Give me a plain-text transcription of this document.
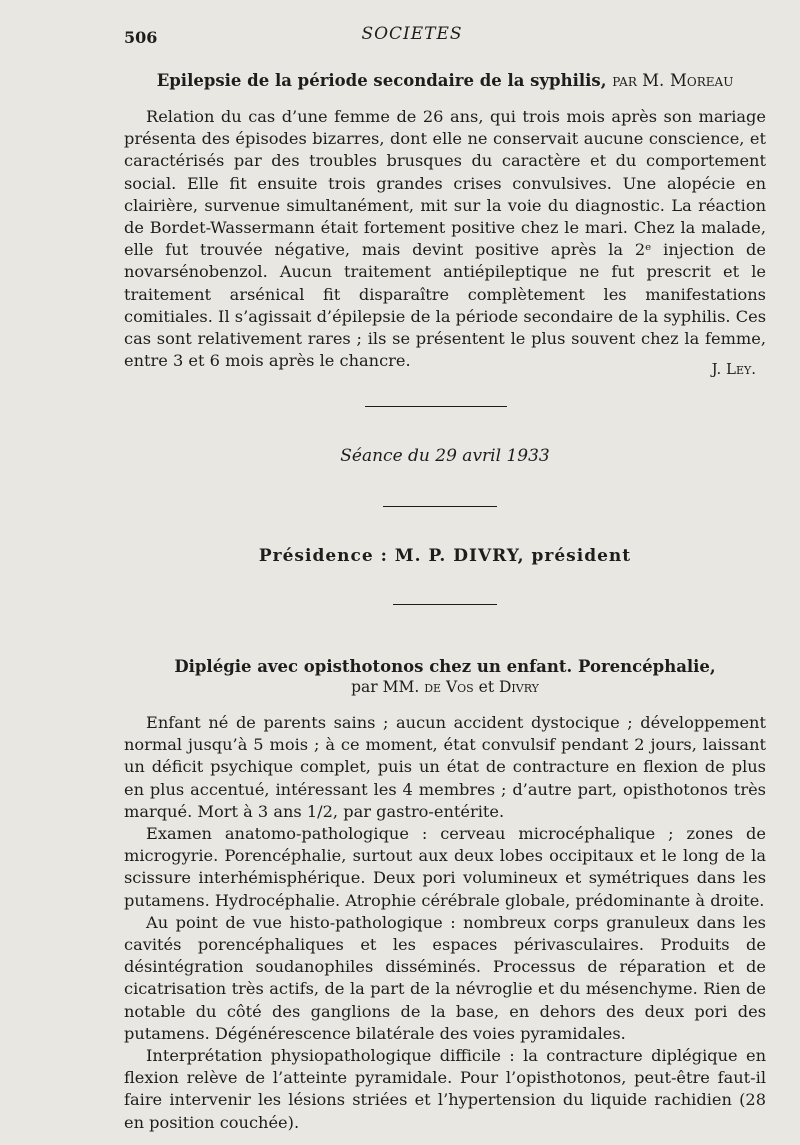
506	SOCIETES
Epilepsie de la période secondaire de la syphilis, par M. Moreau

Relation du cas d’une femme de 26 ans, qui trois mois après son mariage présenta des épisodes bizarres, dont elle ne conservait aucune conscience, et caractérisés par des troubles brusques du caractère et du comportement social. Elle fit ensuite trois grandes crises convulsives. Une alopécie en clairière, survenue simultanément, mit sur la voie du diagnostic. La réaction de Bordet-Wassermann était fortement positive chez le mari. Chez la malade, elle fut trouvée négative, mais devint positive après la 2ᵉ injection de novarsénobenzol. Aucun traitement antiépileptique ne fut prescrit et le traitement arsénical fit disparaître complètement les manifestations comitiales. Il s’agissait d’épilepsie de la période secondaire de la syphilis. Ces cas sont relativement rares ; ils se présentent le plus souvent chez la femme, entre 3 et 6 mois après le chancre.	J. Ley.
Séance du 29 avril 1933
Présidence : M. P. DIVRY, président
Diplégie avec opisthotonos chez un enfant. Porencéphalie,
par MM. de Vos et Divry

Enfant né de parents sains ; aucun accident dystocique ; développement normal jusqu’à 5 mois ; à ce moment, état convulsif pendant 2 jours, laissant un déficit psychique complet, puis un état de contracture en flexion de plus en plus accentué, intéressant les 4 membres ; d’autre part, opisthotonos très marqué. Mort à 3 ans 1/2, par gastro-entérite.

Examen anatomo-pathologique : cerveau microcéphalique ; zones de microgyrie. Porencéphalie, surtout aux deux lobes occipitaux et le long de la scissure interhémisphérique. Deux pori volumineux et symétriques dans les putamens. Hydrocéphalie. Atrophie cérébrale globale, prédominante à droite.

Au point de vue histo-pathologique : nombreux corps granuleux dans les cavités porencéphaliques et les espaces périvasculaires. Produits de désintégration soudanophiles disséminés. Processus de réparation et de cicatrisation très actifs, de la part de la névroglie et du mésenchyme. Rien de notable du côté des ganglions de la base, en dehors des deux pori des putamens. Dégénérescence bilatérale des voies pyramidales.

Interprétation physiopathologique difficile : la contracture diplégique en flexion relève de l’atteinte pyramidale. Pour l’opisthotonos, peut-être faut-il faire intervenir les lésions striées et l’hypertension du liquide rachidien (28 en position couchée).
